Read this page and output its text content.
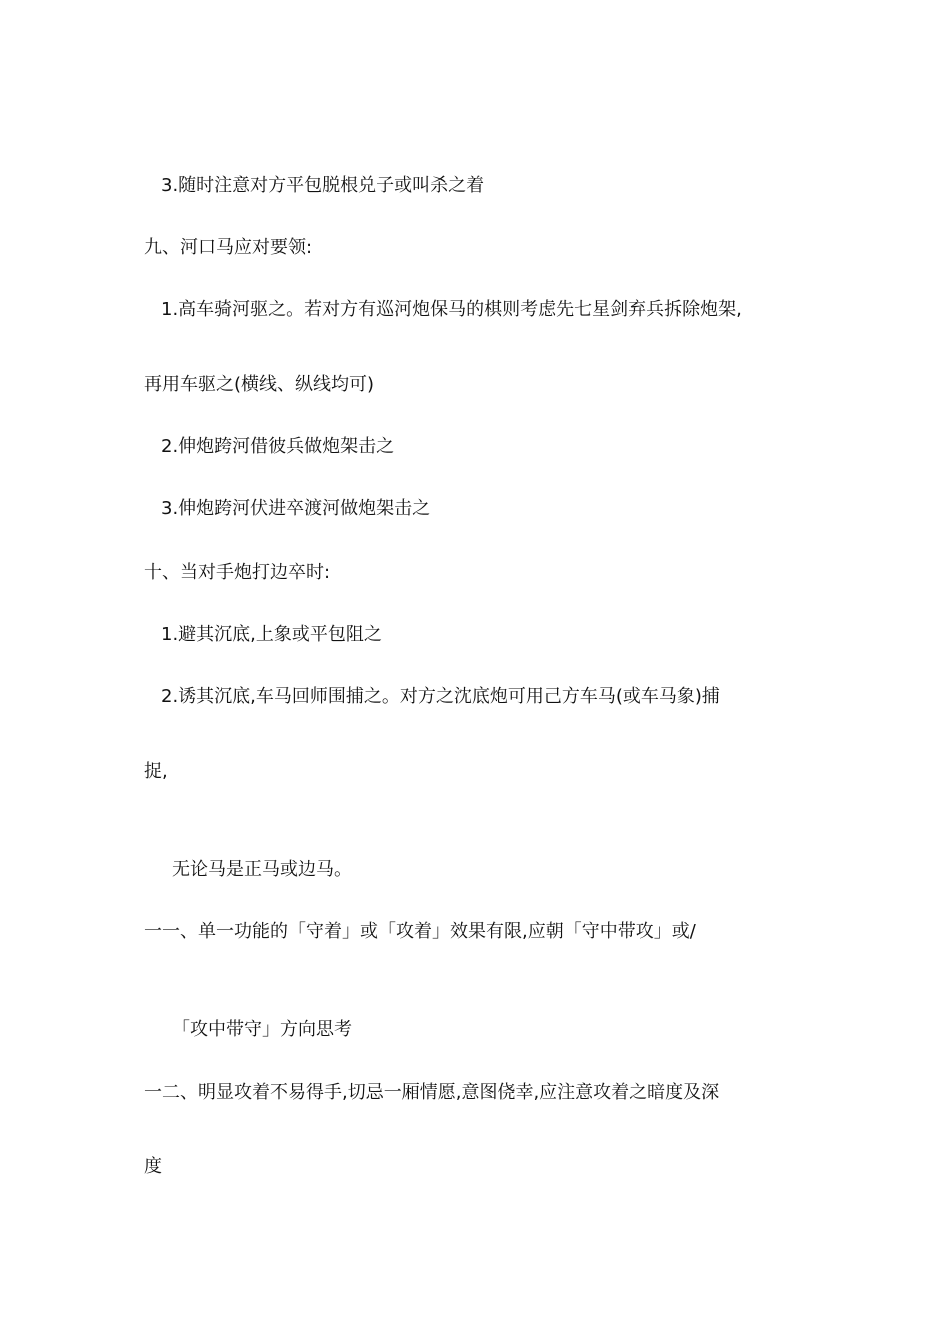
3.随时注意对方平包脱根兑子或叫杀之着
九、河口马应对要领:
1.高车骑河驱之。若对方有巡河炮保马的棋则考虑先七星剑弃兵拆除炮架,
再用车驱之(横线、纵线均可)
2.伸炮跨河借彼兵做炮架击之
3.伸炮跨河伏进卒渡河做炮架击之
十、当对手炮打边卒时:
1.避其沉底,上象或平包阻之
2.诱其沉底,车马回师围捕之。对方之沈底炮可用己方车马(或车马象)捕
捉,
无论马是正马或边马。
一一、单一功能的「守着」或「攻着」效果有限,应朝「守中带攻」或/
「攻中带守」方向思考
一二、明显攻着不易得手,切忌一厢情愿,意图侥幸,应注意攻着之暗度及深
度
